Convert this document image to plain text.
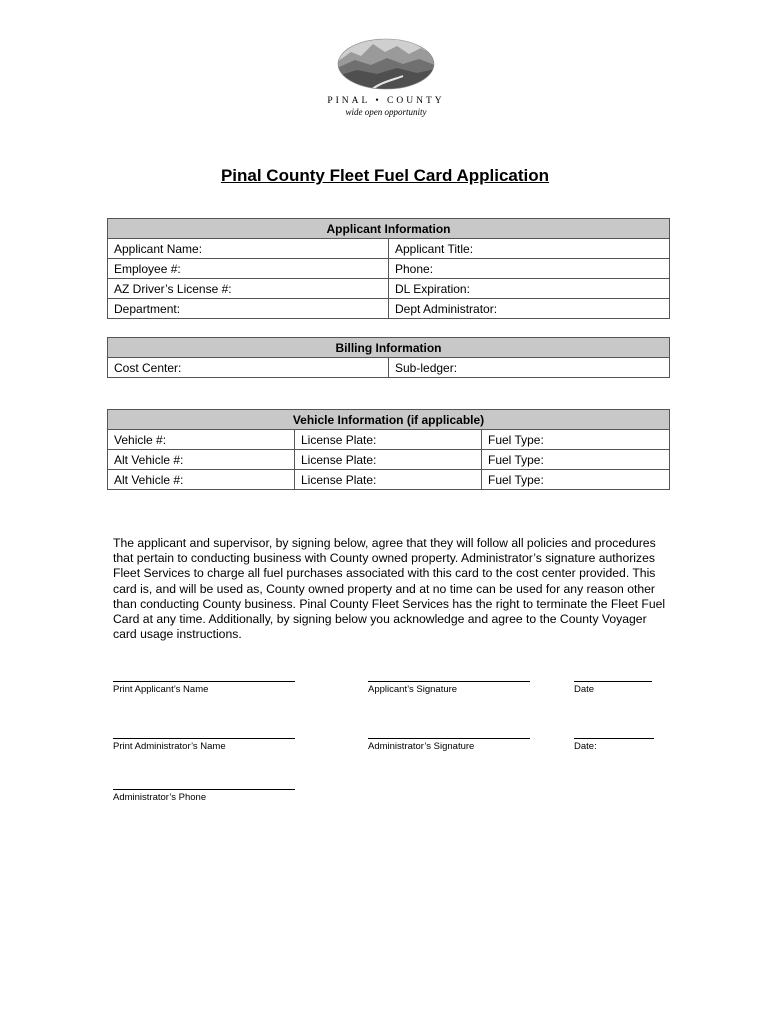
PINAL • COUNTY
wide open opportunity
Pinal County Fleet Fuel Card Application
Applicant Information	
Applicant Name:	Applicant Title:
Employee #:	Phone:
AZ Driver’s License #:	DL Expiration:
Department:	Dept Administrator:
Billing Information
Cost Center:	Sub-ledger:
Vehicle Information (if applicable)		
Vehicle #:	License Plate:	Fuel Type:
Alt Vehicle #:	License Plate:	Fuel Type:
Alt Vehicle #:	License Plate:	Fuel Type:
The applicant and supervisor, by signing below, agree that they will follow all policies and procedures that pertain to conducting business with County owned property. Administrator’s signature authorizes Fleet Services to charge all fuel purchases associated with this card to the cost center provided. This card is, and will be used as, County owned property and at no time can be used for any reason other than conducting County business. Pinal County Fleet Services has the right to terminate the Fleet Fuel Card at any time. Additionally, by signing below you acknowledge and agree to the County Voyager card usage instructions.
Print Applicant’s Name	Applicant’s Signature	Date
Print Administrator’s Name	Administrator’s Signature	Date:
Administrator’s Phone
